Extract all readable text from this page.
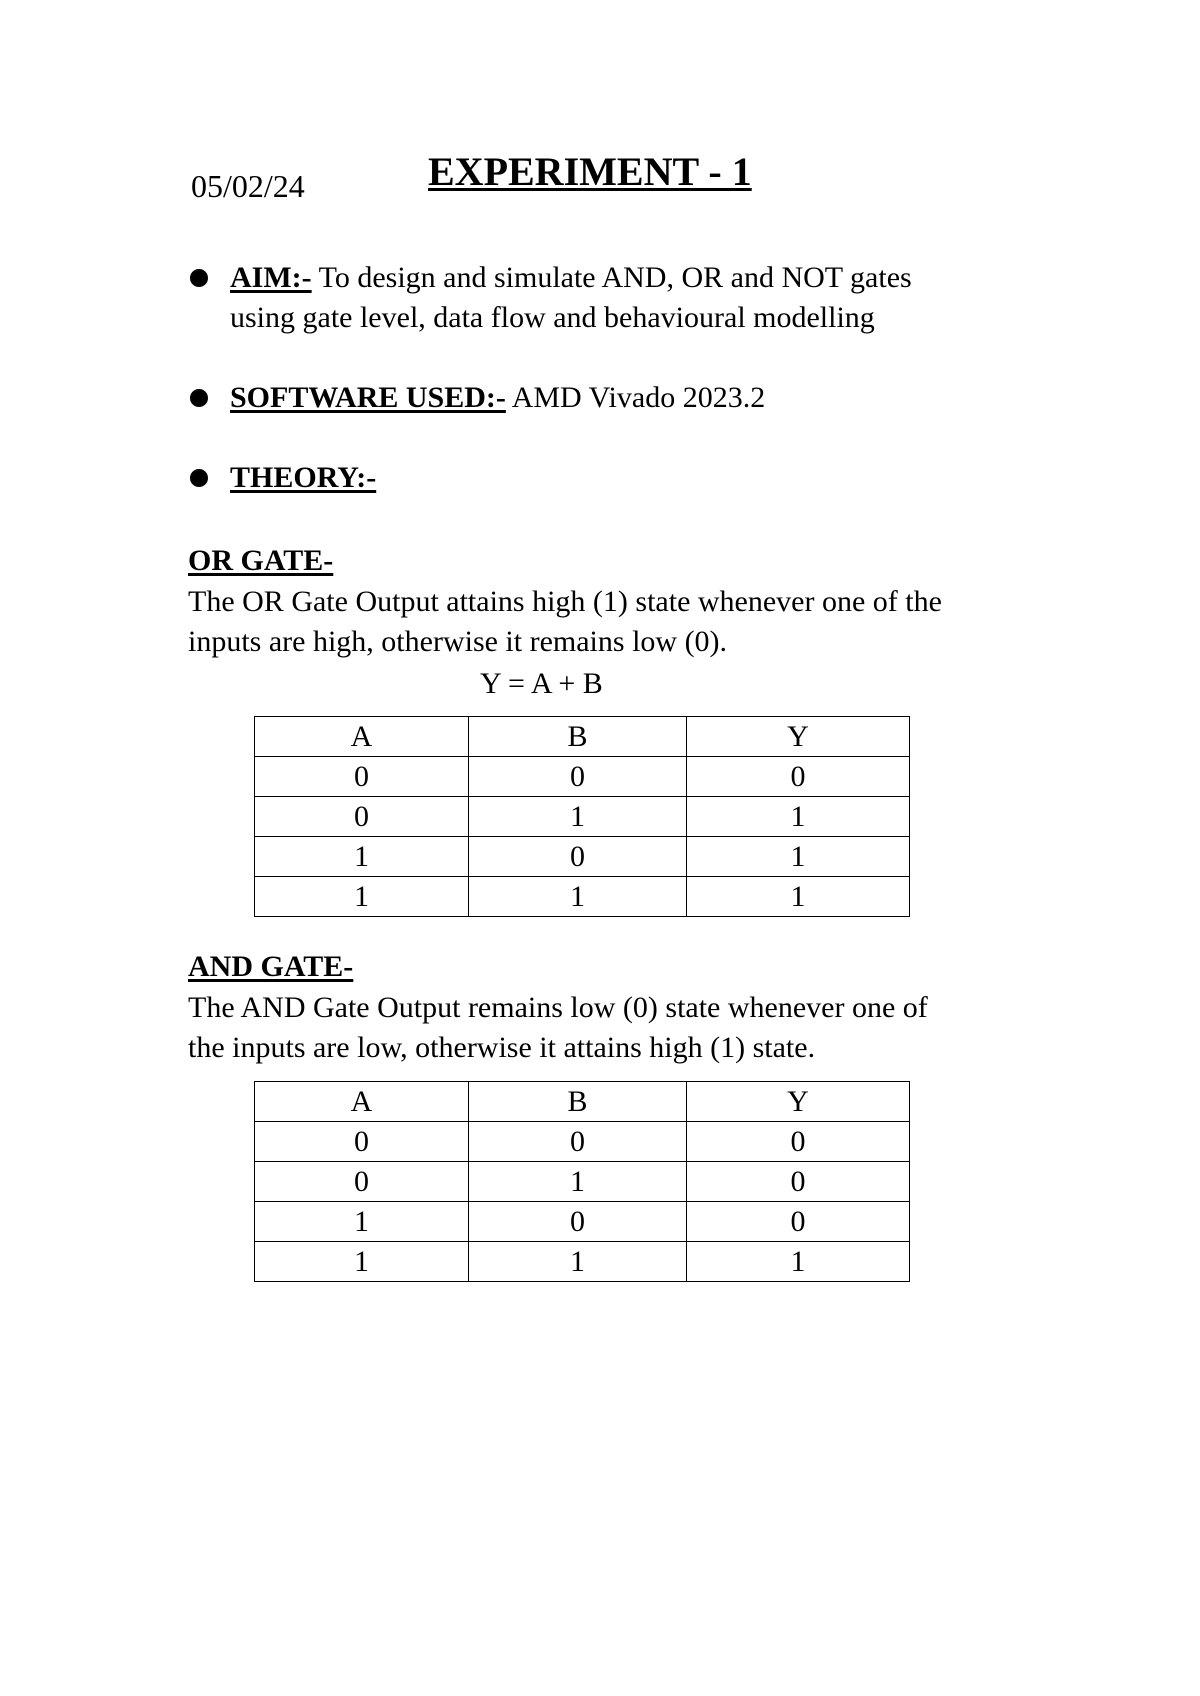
05/02/24	EXPERIMENT - 1
AIM:- To design and simulate AND, OR and NOT gates
using gate level, data flow and behavioural modelling
SOFTWARE USED:- AMD Vivado 2023.2
THEORY:-
OR GATE-
The OR Gate Output attains high (1) state whenever one of the
inputs are high, otherwise it remains low (0).
Y = A + B
A	B	Y
0	0	0
0	1	1
1	0	1
1	1	1
AND GATE-
The AND Gate Output remains low (0) state whenever one of
the inputs are low, otherwise it attains high (1) state.
A	B	Y
0	0	0
0	1	0
1	0	0
1	1	1
